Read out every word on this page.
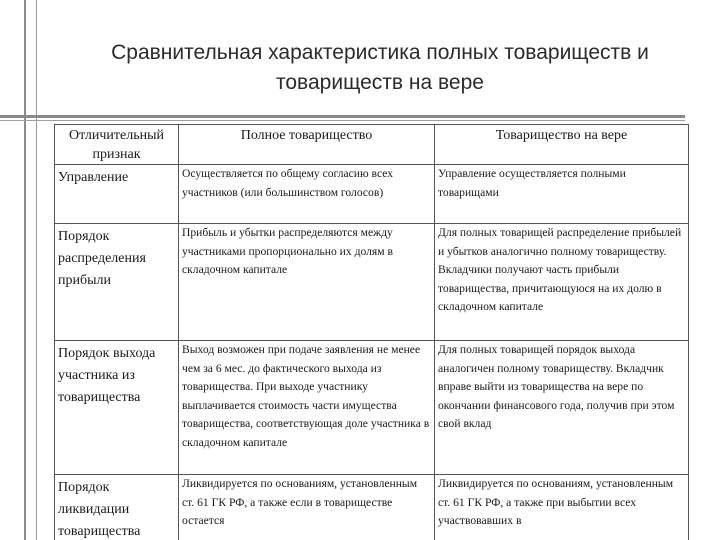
Сравнительная характеристика полных товариществ и товариществ на вере
Отличительный признак	Полное товарищество	Товарищество на вере
Управление	Осуществляется по общему согласию всех участников (или большинством голосов)	Управление осуществляется полными товарищами
Порядок распределения прибыли	Прибыль и убытки распределяются между участниками пропорционально их долям в складочном капитале	Для полных товарищей распределение прибылей и убытков аналогично полному товариществу. Вкладчики получают часть прибыли товарищества, причитающуюся на их долю в складочном капитале
Порядок выхода участника из товарищества	Выход возможен при подаче заявления не менее чем за 6 мес. до фактического выхода из товарищества. При выходе участнику выплачивается стоимость части имущества товарищества, соответствующая доле участника в складочном капитале	Для полных товарищей порядок выхода аналогичен полному товариществу. Вкладчик вправе выйти из товарищества на вере по окончании финансового года, получив при этом свой вклад
Порядок ликвидации товарищества	Ликвидируется по основаниям, установленным ст. 61 ГК РФ, а также если в товариществе остается	Ликвидируется по основаниям, установленным ст. 61 ГК РФ, а также при выбытии всех участвовавших в
